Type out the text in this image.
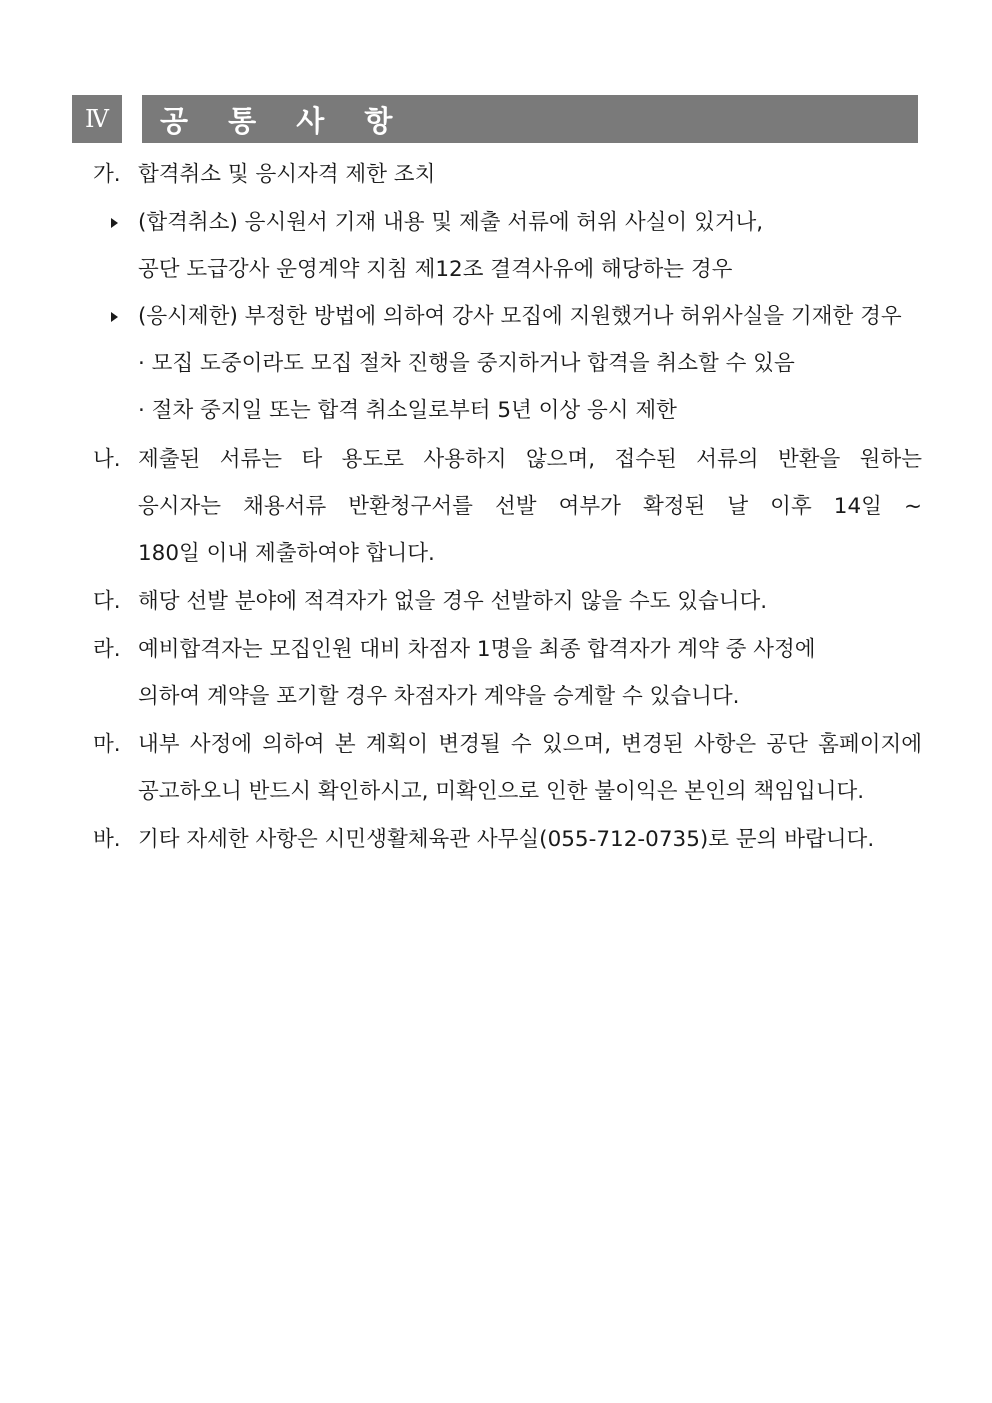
Ⅳ	공 통 사 항
가. 합격취소 및 응시자격 제한 조치
(합격취소) 응시원서 기재 내용 및 제출 서류에 허위 사실이 있거나,
공단 도급강사 운영계약 지침 제12조 결격사유에 해당하는 경우
(응시제한) 부정한 방법에 의하여 강사 모집에 지원했거나 허위사실을 기재한 경우
· 모집 도중이라도 모집 절차 진행을 중지하거나 합격을 취소할 수 있음
· 절차 중지일 또는 합격 취소일로부터 5년 이상 응시 제한
나. 제출된 서류는 타 용도로 사용하지 않으며, 접수된 서류의 반환을 원하는
응시자는 채용서류 반환청구서를 선발 여부가 확정된 날 이후 14일 ~
180일 이내 제출하여야 합니다.
다. 해당 선발 분야에 적격자가 없을 경우 선발하지 않을 수도 있습니다.
라. 예비합격자는 모집인원 대비 차점자 1명을 최종 합격자가 계약 중 사정에
의하여 계약을 포기할 경우 차점자가 계약을 승계할 수 있습니다.
마. 내부 사정에 의하여 본 계획이 변경될 수 있으며, 변경된 사항은 공단 홈페이지에
공고하오니 반드시 확인하시고, 미확인으로 인한 불이익은 본인의 책임입니다.
바. 기타 자세한 사항은 시민생활체육관 사무실(055-712-0735)로 문의 바랍니다.
